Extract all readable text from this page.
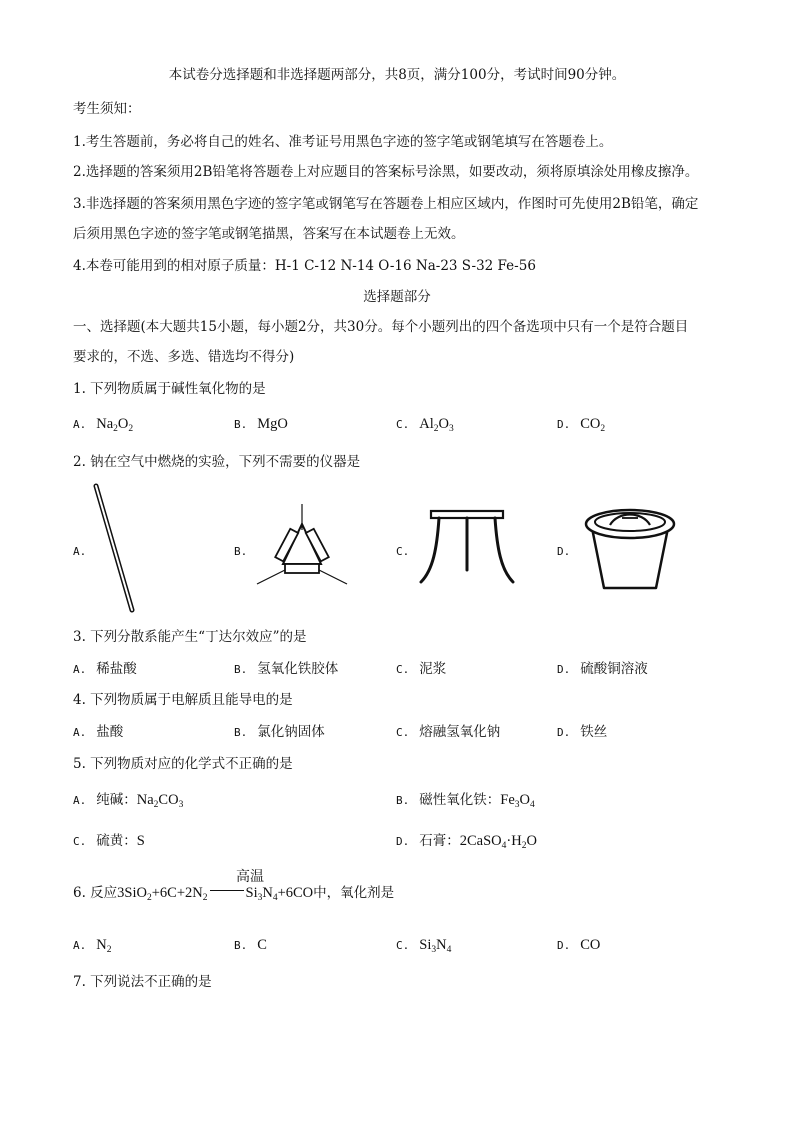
本试卷分选择题和非选择题两部分，共8页，满分100分，考试时间90分钟。
考生须知：
1.考生答题前，务必将自己的姓名、准考证号用黑色字迹的签字笔或钢笔填写在答题卷上。
2.选择题的答案须用2B铅笔将答题卷上对应题目的答案标号涂黑，如要改动，须将原填涂处用橡皮擦净。
3.非选择题的答案须用黑色字迹的签字笔或钢笔写在答题卷上相应区域内，作图时可先使用2B铅笔，确定
后须用黑色字迹的签字笔或钢笔描黑，答案写在本试题卷上无效。
4.本卷可能用到的相对原子质量：H-1 C-12 N-14 O-16 Na-23 S-32 Fe-56
选择题部分
一、选择题(本大题共15小题，每小题2分，共30分。每个小题列出的四个备选项中只有一个是符合题目
要求的，不选、多选、错选均不得分)
1. 下列物质属于碱性氧化物的是
A. $Na_2O_2$	B. MgO	C. $Al_2O_3$	D. $CO_2$
2. 钠在空气中燃烧的实验，下列不需要的仪器是
A.	B.	C.	D.
3. 下列分散系能产生“丁达尔效应”的是
A. 稀盐酸	B. 氢氧化铁胶体	C. 泥浆	D. 硫酸铜溶液
4. 下列物质属于电解质且能导电的是
A. 盐酸	B. 氯化钠固体	C. 熔融氢氧化钠	D. 铁丝
5. 下列物质对应的化学式不正确的是
A. 纯碱：$Na_2CO_3$	B. 磁性氧化铁：$Fe_3O_4$
C. 硫黄：S	D. 石膏：$2CaSO_4\cdot H_2O$
6. 反应$3SiO_2+6C+2N_2$	$Si_3N_4+6CO$中，氧化剂是
高温
A. $N_2$	B. C	C. $Si_3N_4$	D. CO
7. 下列说法不正确的是
